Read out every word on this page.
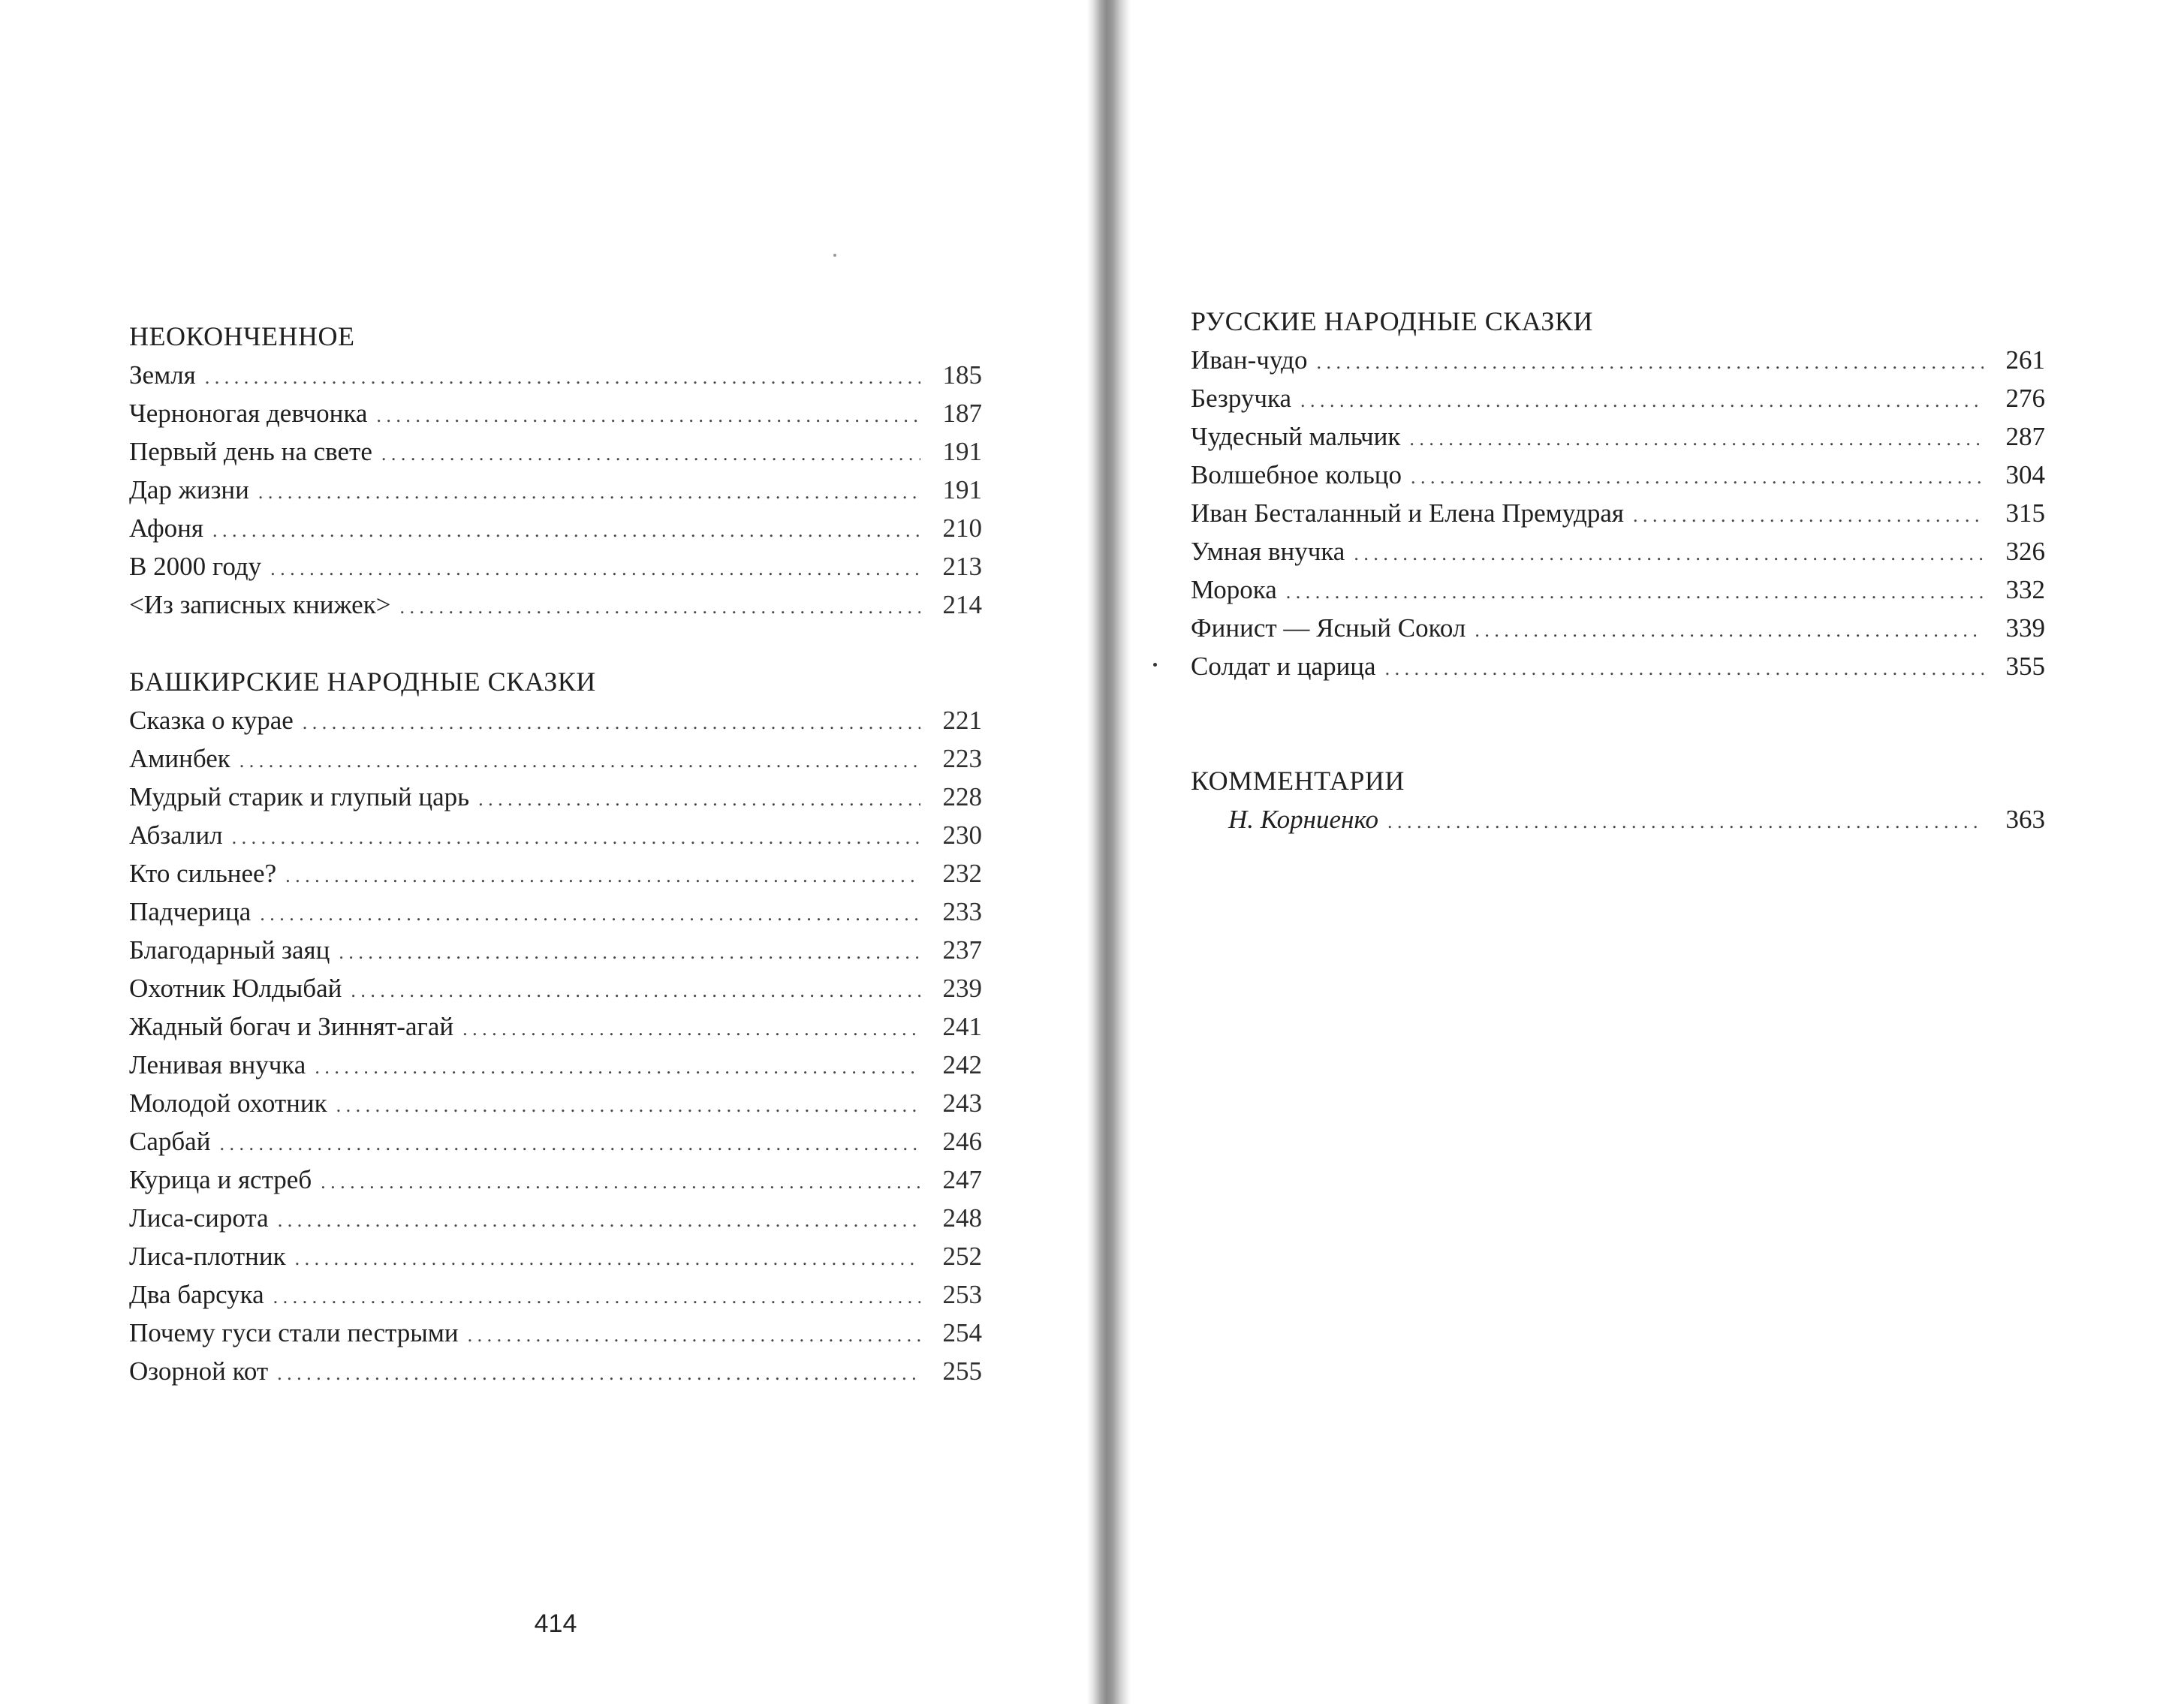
НЕОКОНЧЕННОЕ
Земля . . .	185
Черноногая девчонка . . .	187
Первый день на свете . . .	191
Дар жизни . . .	191
Афоня . . .	210
В 2000 году . . .	213
<Из записных книжек> . . .	214
БАШКИРСКИЕ НАРОДНЫЕ СКАЗКИ
Сказка о курае . . .	221
Аминбек . . .	223
Мудрый старик и глупый царь . . .	228
Абзалил . . .	230
Кто сильнее? . . .	232
Падчерица . . .	233
Благодарный заяц . . .	237
Охотник Юлдыбай . . .	239
Жадный богач и Зиннят-агай . . .	241
Ленивая внучка . . .	242
Молодой охотник . . .	243
Сарбай . . .	246
Курица и ястреб . . .	247
Лиса-сирота . . .	248
Лиса-плотник . . .	252
Два барсука . . .	253
Почему гуси стали пестрыми . . .	254
Озорной кот . . .	255
414
РУССКИЕ НАРОДНЫЕ СКАЗКИ
Иван-чудо . . .	261
Безручка . . .	276
Чудесный мальчик . . .	287
Волшебное кольцо . . .	304
Иван Бесталанный и Елена Премудрая . . .	315
Умная внучка . . .	326
Морока . . .	332
Финист — Ясный Сокол . . .	339
Солдат и царица . . .	355
КОММЕНТАРИИ
Н. Корниенко . . .	363
